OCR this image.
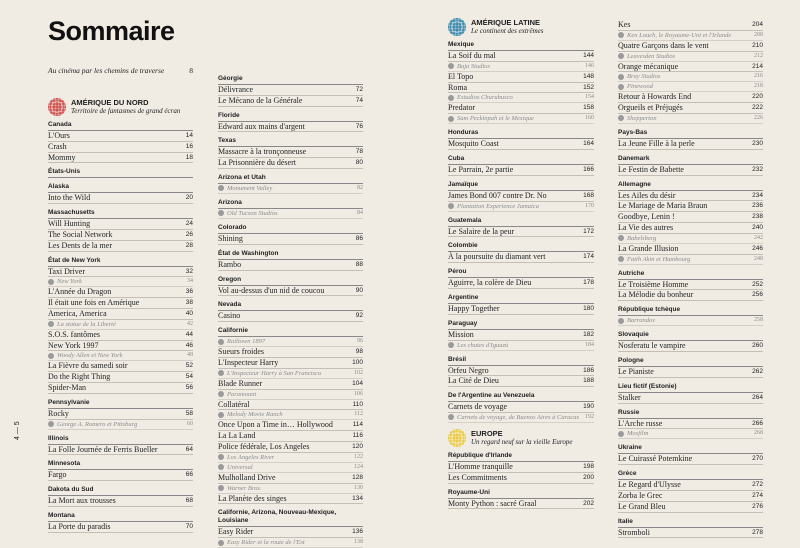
Sommaire
Au cinéma par les chemins de traverse	8
AMÉRIQUE DU NORD
Territoire de fantasmes de grand écran
Canada
L'Ours	14
Crash	16
Mommy	18
États-Unis
Alaska
Into the Wild	20
Massachusetts
Will Hunting	24
The Social Network	26
Les Dents de la mer	28
État de New York
Taxi Driver	32
New York	34
L'Année du Dragon	36
Il était une fois en Amérique	38
America, America	40
La statue de la Liberté	42
S.O.S. fantômes	44
New York 1997	46
Woody Allen et New York	48
La Fièvre du samedi soir	52
Do the Right Thing	54
Spider-Man	56
Pennsylvanie
Rocky	58
George A. Romero et Pittsburg	60
Illinois
La Folle Journée de Ferris Bueller	64
Minnesota
Fargo	66
Dakota du Sud
La Mort aux trousses	68
Montana
La Porte du paradis	70
Géorgie
Délivrance	72
Le Mécano de la Générale	74
Floride
Edward aux mains d'argent	76
Texas
Massacre à la tronçonneuse	78
La Prisonnière du désert	80
Arizona et Utah
Monument Valley	82
Arizona
Old Tucson Studios	84
Colorado
Shining	86
État de Washington
Rambo	88
Oregon
Vol au-dessus d'un nid de coucou	90
Nevada
Casino	92
Californie
Railtown 1897	96
Sueurs froides	98
L'Inspecteur Harry	100
L'Inspecteur Harry à San Francisco	102
Blade Runner	104
Paramount	106
Collatéral	110
Melody Movie Ranch	112
Once Upon a Time in… Hollywood	114
La La Land	116
Police fédérale, Los Angeles	120
Los Angeles River	122
Universal	124
Mulholland Drive	128
Warner Bros.	130
La Planète des singes	134
Californie, Arizona, Nouveau-Mexique, Louisiane
Easy Rider	136
Easy Rider et la route de l'Est	138
AMÉRIQUE LATINE
Le continent des extrêmes
Mexique
La Soif du mal	144
Baja Studios	146
El Topo	148
Roma	152
Estudios Churubusco	154
Predator	158
Sam Peckinpah et le Mexique	160
Honduras
Mosquito Coast	164
Cuba
Le Parrain, 2e partie	166
Jamaïque
James Bond 007 contre Dr. No	168
Plantation Experience Jamaica	170
Guatemala
Le Salaire de la peur	172
Colombie
À la poursuite du diamant vert	174
Pérou
Aguirre, la colère de Dieu	178
Argentine
Happy Together	180
Paraguay
Mission	182
Les chutes d'Iguazú	184
Brésil
Orfeu Negro	186
La Cité de Dieu	188
De l'Argentine au Venezuela
Carnets de voyage	190
Carnets de voyage, de Buenos Aires à Caracas 192
EUROPE
Un regard neuf sur la vieille Europe
République d'Irlande
L'Homme tranquille	198
Les Commitments	200
Royaume-Uni
Monty Python : sacré Graal	202
Kes	204
Ken Loach, le Royaume-Uni et l'Irlande	208
Quatre Garçons dans le vent	210
Leavesden Studios	212
Orange mécanique	214
Bray Studios	216
Pinewood	218
Retour à Howards End	220
Orgueils et Préjugés	222
Shepperton	226
Pays-Bas
La Jeune Fille à la perle	230
Danemark
Le Festin de Babette	232
Allemagne
Les Ailes du désir	234
Le Mariage de Maria Braun	236
Goodbye, Lenin !	238
La Vie des autres	240
Babelsberg	242
La Grande Illusion	246
Fatih Akin et Hambourg	248
Autriche
Le Troisième Homme	252
La Mélodie du bonheur	256
République tchèque
Barrandov	258
Slovaquie
Nosferatu le vampire	260
Pologne
Le Pianiste	262
Lieu fictif (Estonie)
Stalker	264
Russie
L'Arche russe	266
Mosfilm	268
Ukraine
Le Cuirassé Potemkine	270
Grèce
Le Regard d'Ulysse	272
Zorba le Grec	274
Le Grand Bleu	276
Italie
Stromboli	278
4 — 5
